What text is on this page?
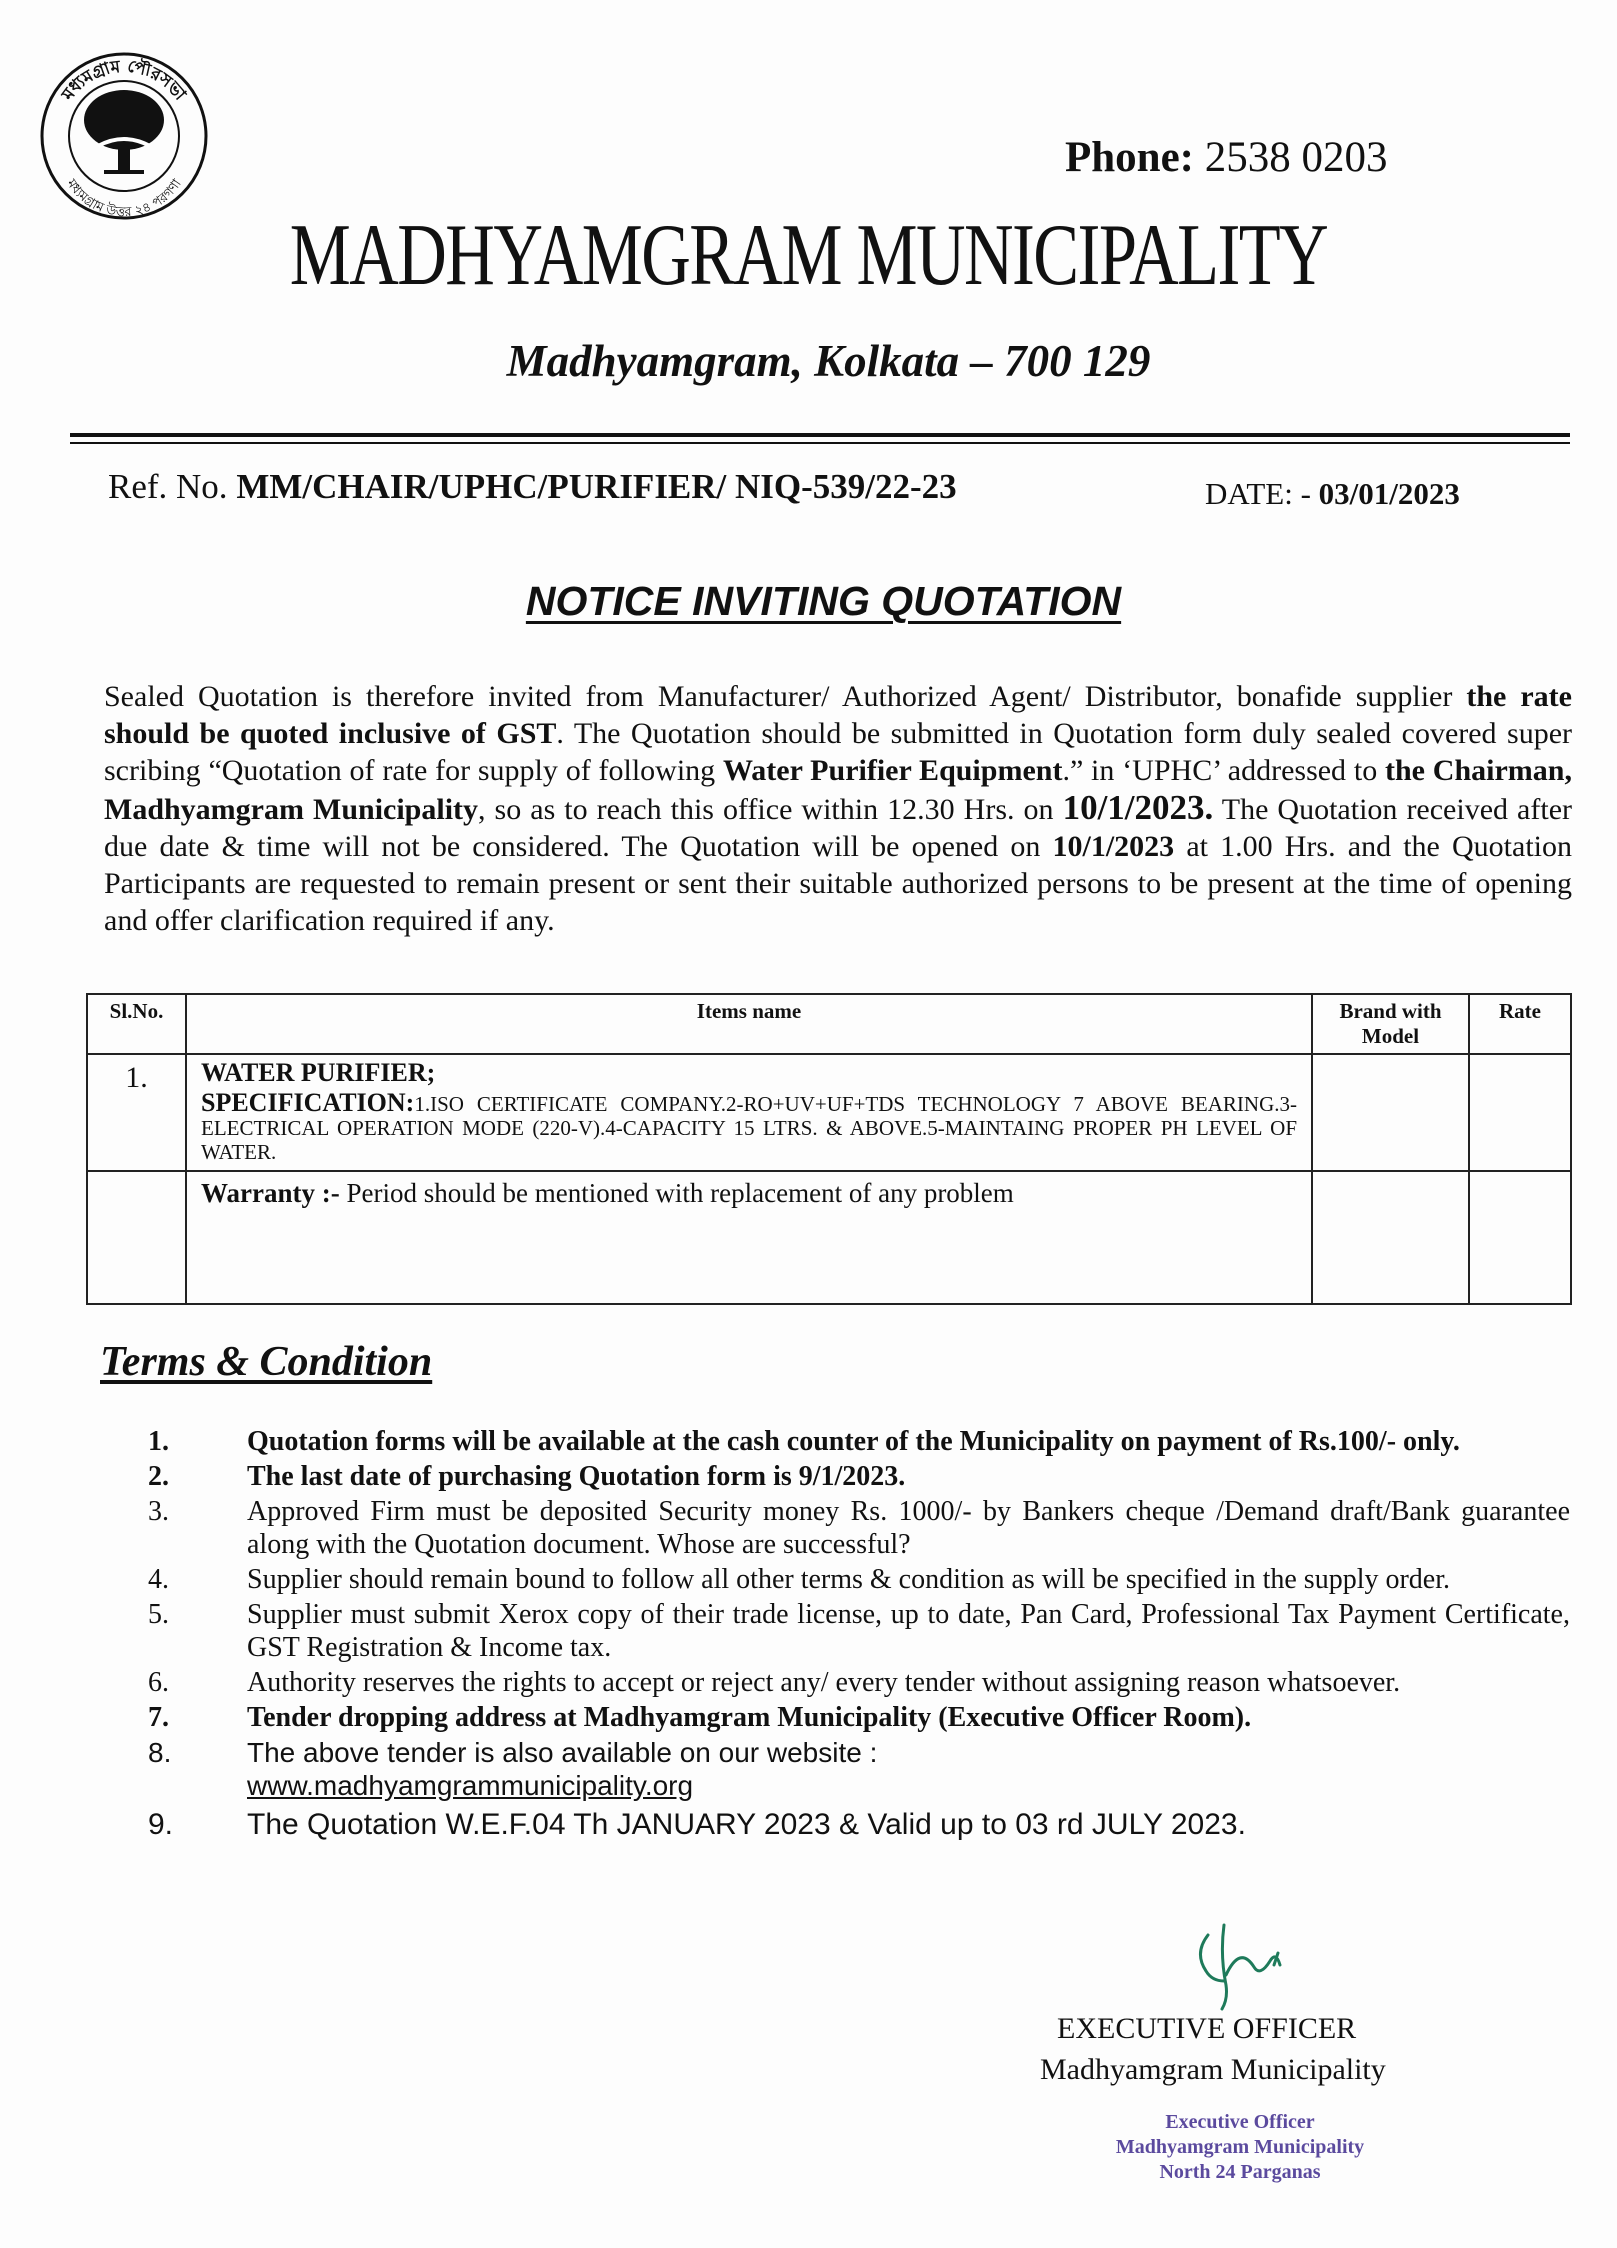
মধ্যমগ্রাম পৌরসভা
মধ্যমগ্রাম উত্তর ২৪ পরগণা
Phone: 2538 0203
MADHYAMGRAM MUNICIPALITY
Madhyamgram, Kolkata – 700 129
Ref. No. MM/CHAIR/UPHC/PURIFIER/ NIQ-539/22-23	DATE: - 03/01/2023
NOTICE INVITING QUOTATION
Sealed Quotation is therefore invited from Manufacturer/ Authorized Agent/ Distributor, bonafide supplier the rate should be quoted inclusive of GST. The Quotation should be submitted in Quotation form duly sealed covered super scribing “Quotation of rate for supply of following Water Purifier Equipment.” in ‘UPHC’ addressed to the Chairman, Madhyamgram Municipality, so as to reach this office within 12.30 Hrs. on 10/1/2023. The Quotation received after due date & time will not be considered. The Quotation will be opened on 10/1/2023 at 1.00 Hrs. and the Quotation Participants are requested to remain present or sent their suitable authorized persons to be present at the time of opening and offer clarification required if any.
Sl.No.	Items name	Brand with Model	Rate
1.	WATER PURIFIER;
SPECIFICATION:1.ISO CERTIFICATE COMPANY.2-RO+UV+UF+TDS TECHNOLOGY 7 ABOVE BEARING.3-ELECTRICAL OPERATION MODE (220-V).4-CAPACITY 15 LTRS. & ABOVE.5-MAINTAING PROPER PH LEVEL OF WATER.		
	Warranty :- Period should be mentioned with replacement of any problem		
Terms & Condition
1.	Quotation forms will be available at the cash counter of the Municipality on payment of Rs.100/- only.
2.	The last date of purchasing Quotation form is 9/1/2023.
3.	Approved Firm must be deposited Security money Rs. 1000/- by Bankers cheque /Demand draft/Bank guarantee along with the Quotation document. Whose are successful?
4.	Supplier should remain bound to follow all other terms & condition as will be specified in the supply order.
5.	Supplier must submit Xerox copy of their trade license, up to date, Pan Card, Professional Tax Payment Certificate, GST Registration & Income tax.
6.	Authority reserves the rights to accept or reject any/ every tender without assigning reason whatsoever.
7.	Tender dropping address at Madhyamgram Municipality (Executive Officer Room).
8.	The above tender is also available on our website :
www.madhyamgrammunicipality.org
9. The Quotation W.E.F.04 Th JANUARY 2023 & Valid up to 03 rd JULY 2023.
EXECUTIVE OFFICER
Madhyamgram Municipality
Executive Officer
Madhyamgram Municipality
North 24 Parganas
